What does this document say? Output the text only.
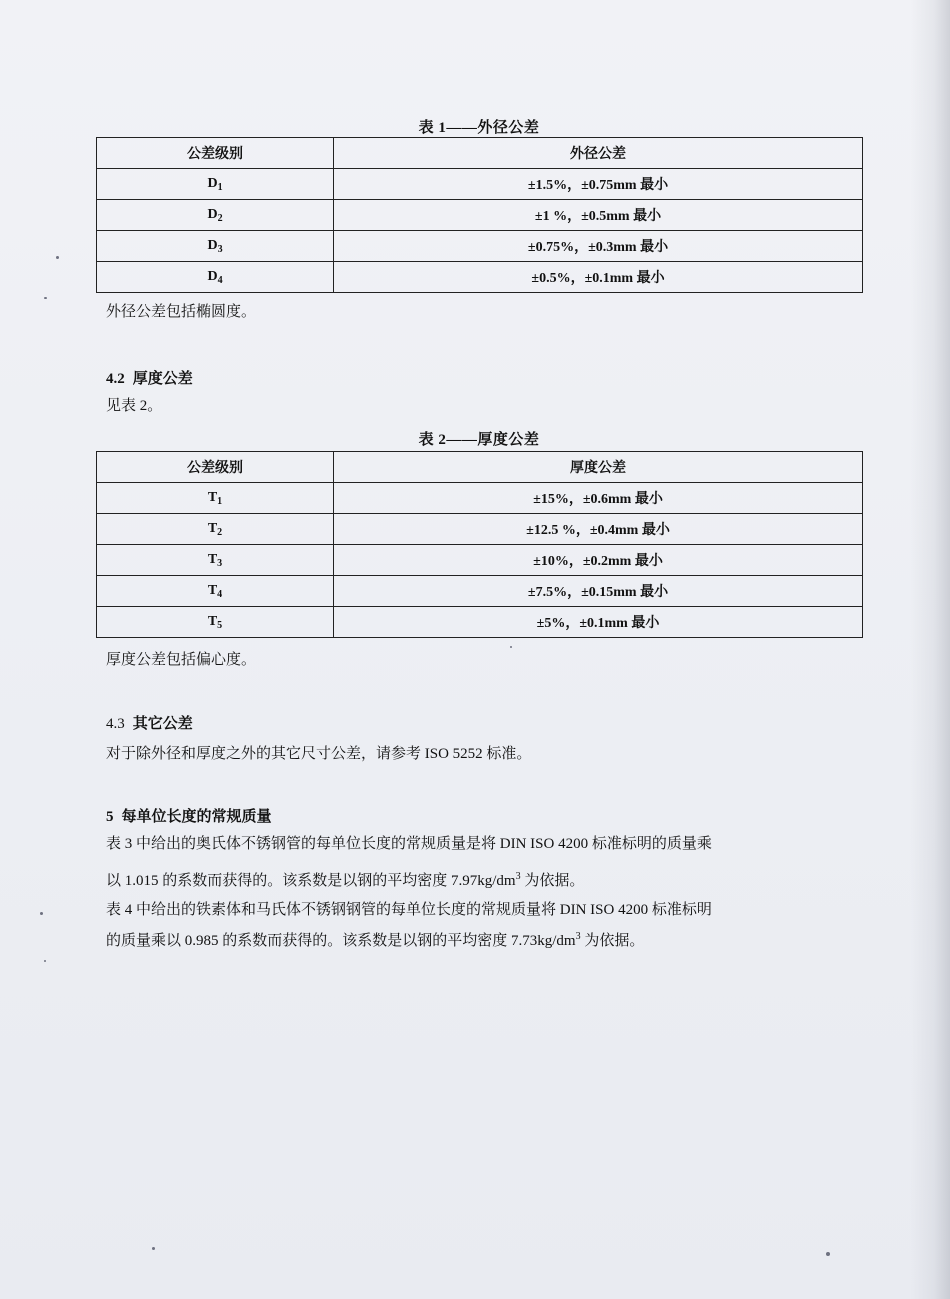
表 1——外径公差
公差级别	外径公差
$D_1$	±1.5%，±0.75mm 最小
$D_2$	±1 %，±0.5mm 最小
$D_3$	±0.75%，±0.3mm 最小
$D_4$	±0.5%，±0.1mm 最小
外径公差包括椭圆度。
4.2 厚度公差
见表 2。
表 2——厚度公差
公差级别	厚度公差
$T_1$	±15%，±0.6mm 最小
$T_2$	±12.5 %，±0.4mm 最小
$T_3$	±10%，±0.2mm 最小
$T_4$	±7.5%，±0.15mm 最小
$T_5$	±5%，±0.1mm 最小
厚度公差包括偏心度。
4.3 其它公差
对于除外径和厚度之外的其它尺寸公差，请参考 ISO 5252 标准。
5 每单位长度的常规质量
表 3 中给出的奥氏体不锈钢管的每单位长度的常规质量是将 DIN ISO 4200 标准标明的质量乘
以 1.015 的系数而获得的。该系数是以钢的平均密度 $7.97kg/dm^3$ 为依据。
表 4 中给出的铁素体和马氏体不锈钢钢管的每单位长度的常规质量将 DIN ISO 4200 标准标明
的质量乘以 0.985 的系数而获得的。该系数是以钢的平均密度 $7.73kg/dm^3$ 为依据。
